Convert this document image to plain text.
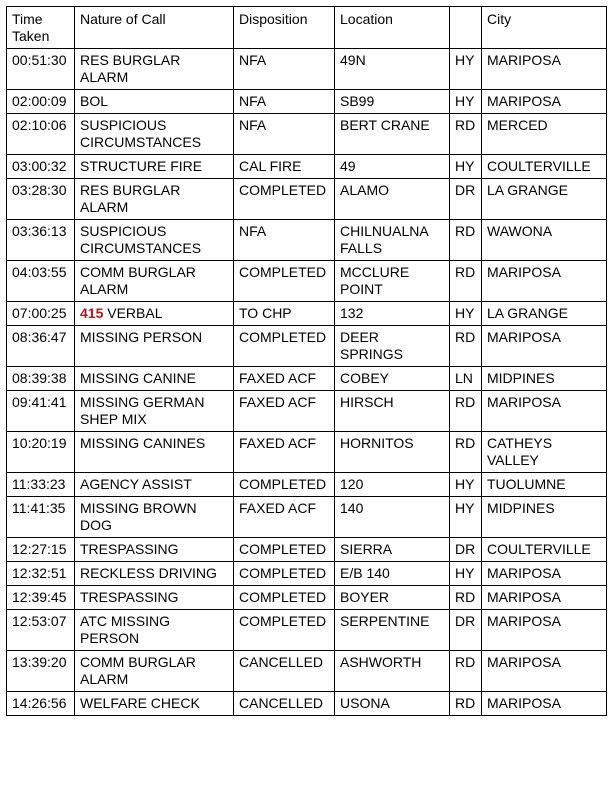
Time
Taken	Nature of Call	Disposition	Location		City
00:51:30	RES BURGLAR
ALARM	NFA	49N	HY	MARIPOSA
02:00:09	BOL	NFA	SB99	HY	MARIPOSA
02:10:06	SUSPICIOUS
CIRCUMSTANCES	NFA	BERT CRANE	RD	MERCED
03:00:32	STRUCTURE FIRE	CAL FIRE	49	HY	COULTERVILLE
03:28:30	RES BURGLAR
ALARM	COMPLETED	ALAMO	DR	LA GRANGE
03:36:13	SUSPICIOUS
CIRCUMSTANCES	NFA	CHILNUALNA
FALLS	RD	WAWONA
04:03:55	COMM BURGLAR
ALARM	COMPLETED	MCCLURE
POINT	RD	MARIPOSA
07:00:25	415 VERBAL	TO CHP	132	HY	LA GRANGE
08:36:47	MISSING PERSON	COMPLETED	DEER
SPRINGS	RD	MARIPOSA
08:39:38	MISSING CANINE	FAXED ACF	COBEY	LN	MIDPINES
09:41:41	MISSING GERMAN
SHEP MIX	FAXED ACF	HIRSCH	RD	MARIPOSA
10:20:19	MISSING CANINES	FAXED ACF	HORNITOS	RD	CATHEYS
VALLEY
11:33:23	AGENCY ASSIST	COMPLETED	120	HY	TUOLUMNE
11:41:35	MISSING BROWN
DOG	FAXED ACF	140	HY	MIDPINES
12:27:15	TRESPASSING	COMPLETED	SIERRA	DR	COULTERVILLE
12:32:51	RECKLESS DRIVING	COMPLETED	E/B 140	HY	MARIPOSA
12:39:45	TRESPASSING	COMPLETED	BOYER	RD	MARIPOSA
12:53:07	ATC MISSING
PERSON	COMPLETED	SERPENTINE	DR	MARIPOSA
13:39:20	COMM BURGLAR
ALARM	CANCELLED	ASHWORTH	RD	MARIPOSA
14:26:56	WELFARE CHECK	CANCELLED	USONA	RD	MARIPOSA
